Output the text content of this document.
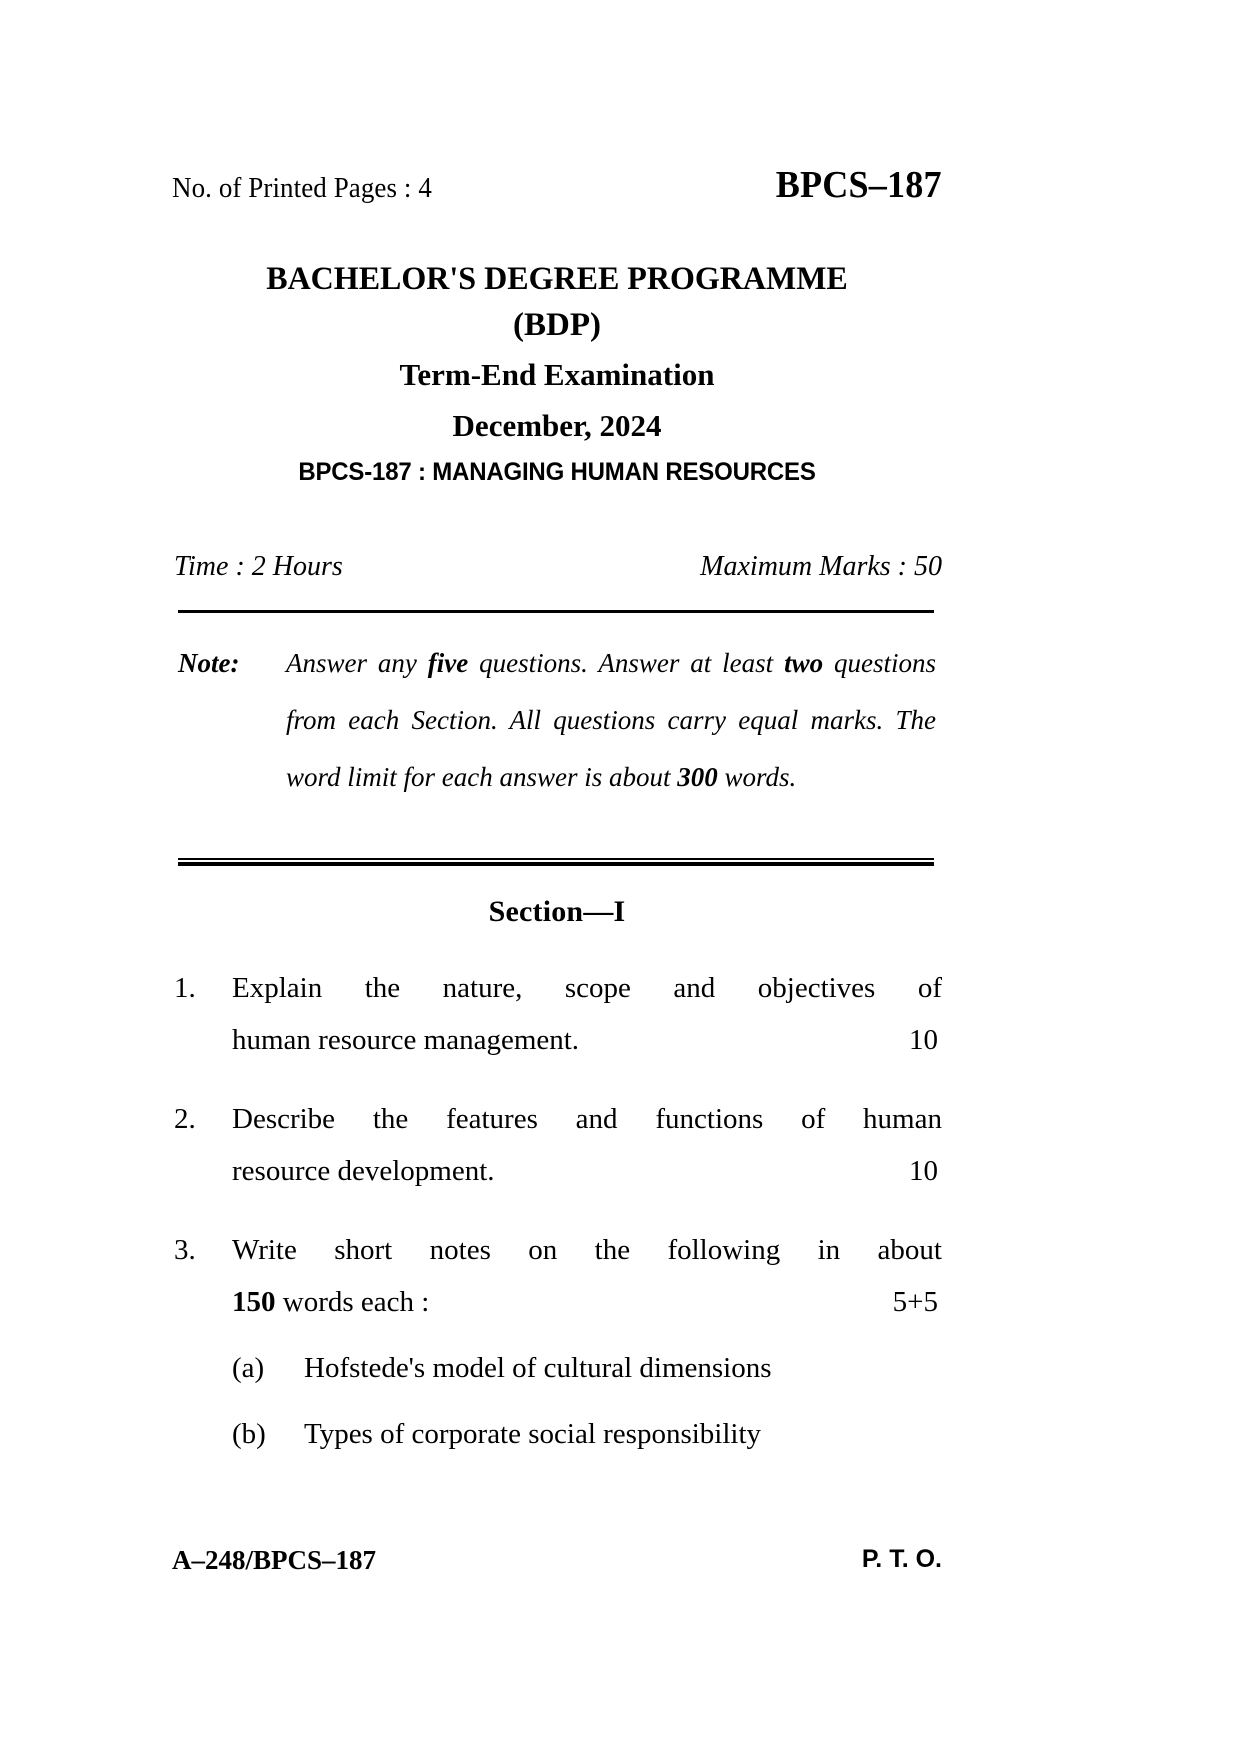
No. of Printed Pages : 4	BPCS–187
BACHELOR'S DEGREE PROGRAMME
(BDP)
Term-End Examination
December, 2024
BPCS-187 : MANAGING HUMAN RESOURCES
Time : 2 Hours	Maximum Marks : 50
Note: Answer any five questions. Answer at least two questions from each Section. All questions carry equal marks. The word limit for each answer is about 300 words.
Section—I
1.	Explain the nature, scope and objectives of
human resource management.	10
2.	Describe the features and functions of human
resource development.	10
3.	Write short notes on the following in about
150 words each :	5+5
(a)	Hofstede's model of cultural dimensions
(b)	Types of corporate social responsibility
A–248/BPCS–187	P. T. O.
